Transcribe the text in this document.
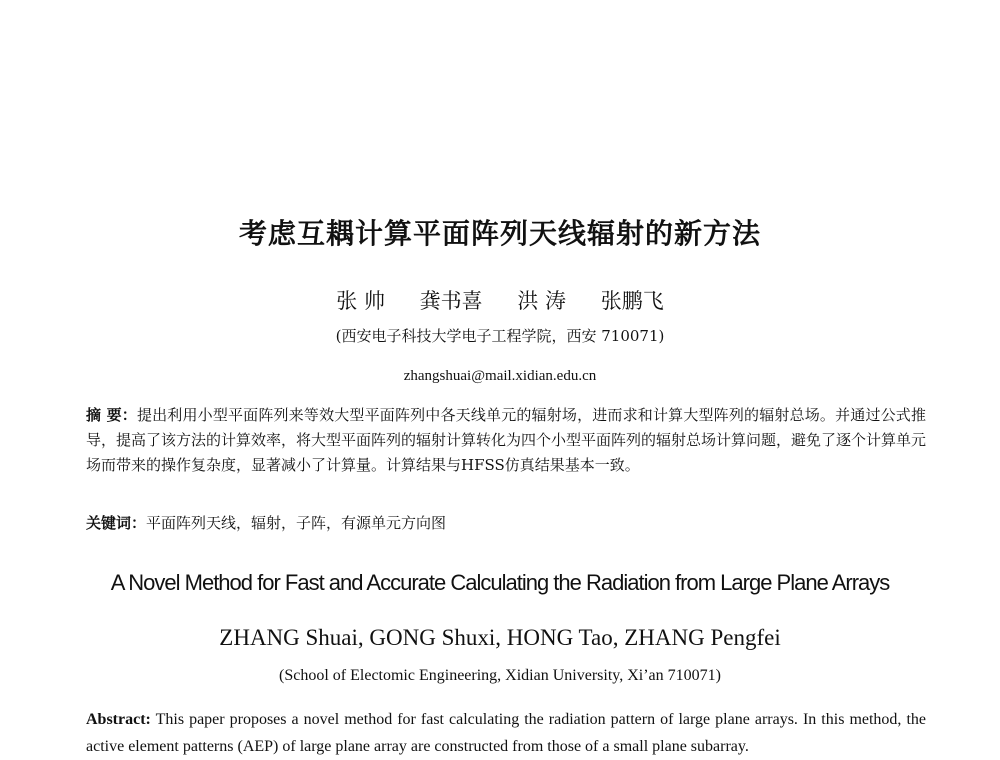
考虑互耦计算平面阵列天线辐射的新方法
张 帅 龚书喜 洪 涛 张鹏飞
(西安电子科技大学电子工程学院，西安 710071)
zhangshuai@mail.xidian.edu.cn
摘 要：提出利用小型平面阵列来等效大型平面阵列中各天线单元的辐射场，进而求和计算大型阵列的辐射总场。并通过公式推导，提高了该方法的计算效率，将大型平面阵列的辐射计算转化为四个小型平面阵列的辐射总场计算问题，避免了逐个计算单元场而带来的操作复杂度，显著减小了计算量。计算结果与HFSS仿真结果基本一致。
关键词：平面阵列天线，辐射，子阵，有源单元方向图
A Novel Method for Fast and Accurate Calculating the Radiation from Large Plane Arrays
ZHANG Shuai, GONG Shuxi, HONG Tao, ZHANG Pengfei
(School of Electomic Engineering, Xidian University, Xi’an 710071)
Abstract: This paper proposes a novel method for fast calculating the radiation pattern of large plane arrays. In this method, the active element patterns (AEP) of large plane array are constructed from those of a small plane subarray.
